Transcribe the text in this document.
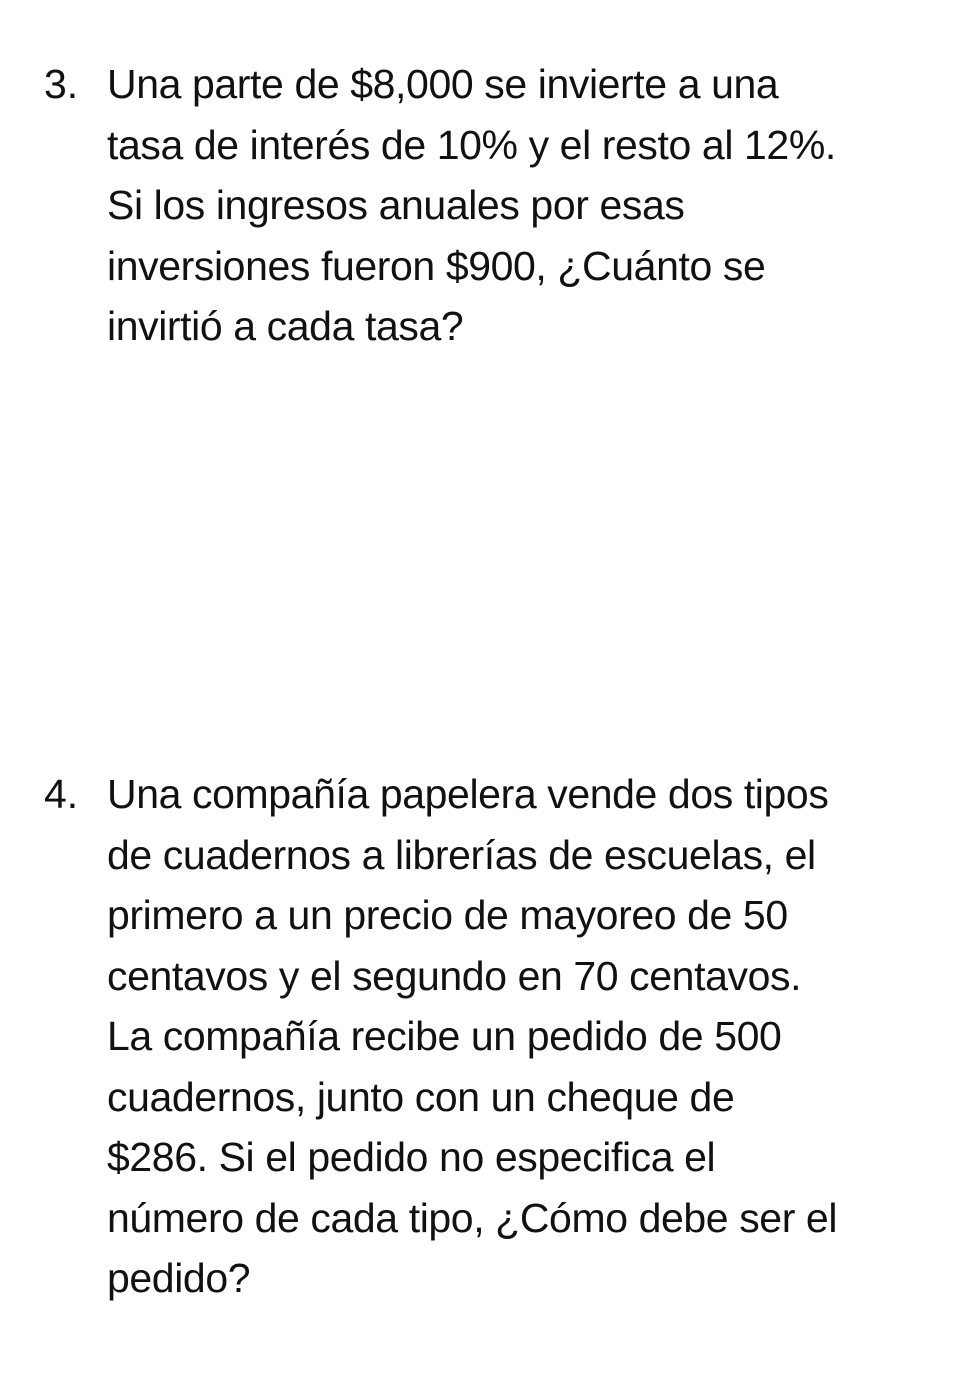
3. Una parte de $8,000 se invierte a una
tasa de interés de 10% y el resto al 12%.
Si los ingresos anuales por esas
inversiones fueron $900, ¿Cuánto se
invirtió a cada tasa?
4. Una compañía papelera vende dos tipos
de cuadernos a librerías de escuelas, el
primero a un precio de mayoreo de 50
centavos y el segundo en 70 centavos.
La compañía recibe un pedido de 500
cuadernos, junto con un cheque de
$286. Si el pedido no especifica el
número de cada tipo, ¿Cómo debe ser el
pedido?
